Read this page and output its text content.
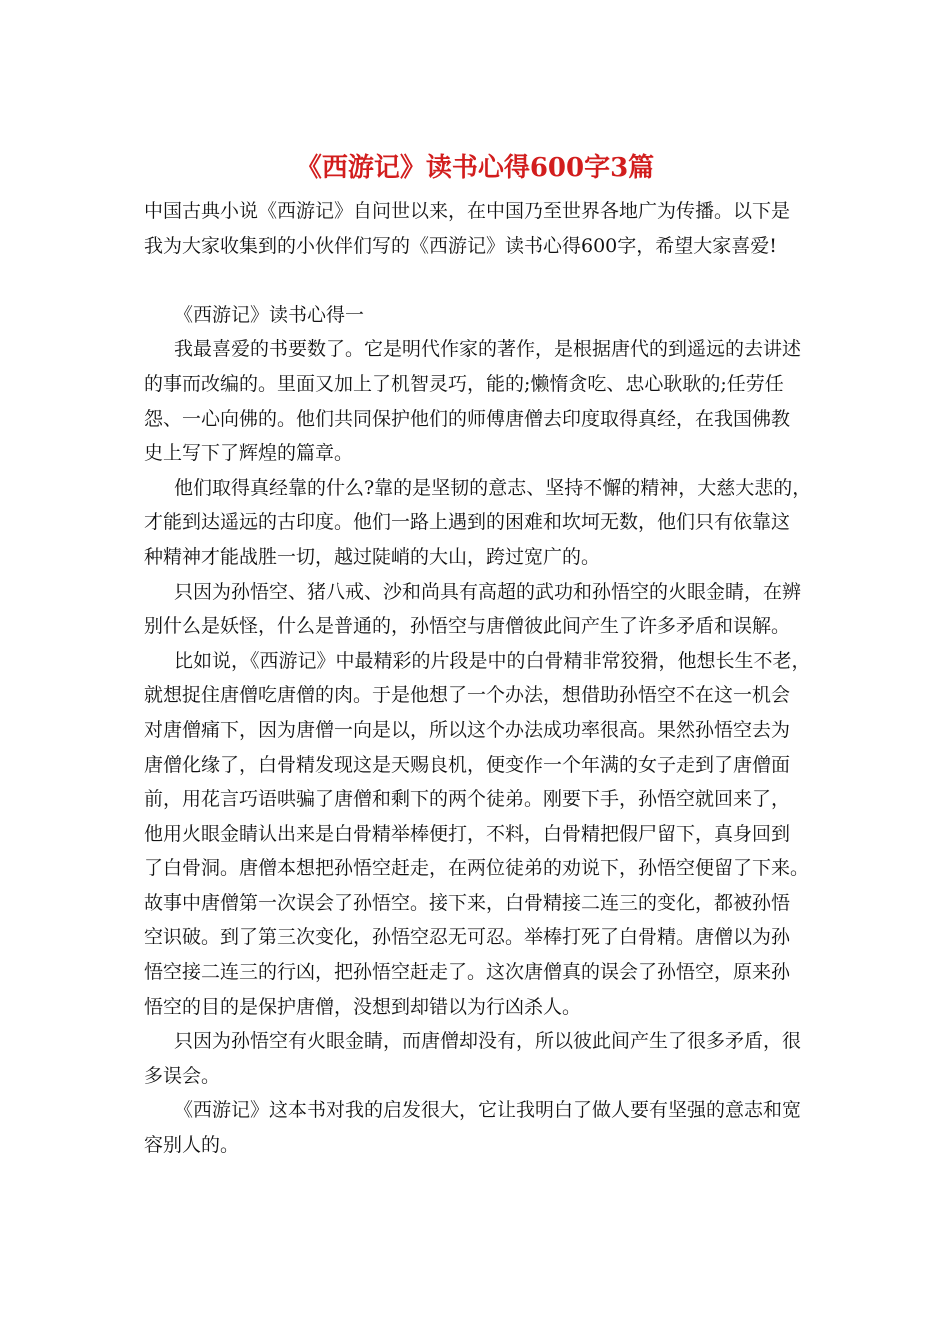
《西游记》读书心得600字3篇
中国古典小说《西游记》自问世以来，在中国乃至世界各地广为传播。以下是
我为大家收集到的小伙伴们写的《西游记》读书心得600字，希望大家喜爱!
《西游记》读书心得一
我最喜爱的书要数了。它是明代作家的著作，是根据唐代的到遥远的去讲述
的事而改编的。里面又加上了机智灵巧，能的;懒惰贪吃、忠心耿耿的;任劳任
怨、一心向佛的。他们共同保护他们的师傅唐僧去印度取得真经，在我国佛教
史上写下了辉煌的篇章。
他们取得真经靠的什么?靠的是坚韧的意志、坚持不懈的精神，大慈大悲的，
才能到达遥远的古印度。他们一路上遇到的困难和坎坷无数，他们只有依靠这
种精神才能战胜一切，越过陡峭的大山，跨过宽广的。
只因为孙悟空、猪八戒、沙和尚具有高超的武功和孙悟空的火眼金睛，在辨
别什么是妖怪，什么是普通的，孙悟空与唐僧彼此间产生了许多矛盾和误解。
比如说，《西游记》中最精彩的片段是中的白骨精非常狡猾，他想长生不老，
就想捉住唐僧吃唐僧的肉。于是他想了一个办法，想借助孙悟空不在这一机会
对唐僧痛下，因为唐僧一向是以，所以这个办法成功率很高。果然孙悟空去为
唐僧化缘了，白骨精发现这是天赐良机，便变作一个年满的女子走到了唐僧面
前，用花言巧语哄骗了唐僧和剩下的两个徒弟。刚要下手，孙悟空就回来了，
他用火眼金睛认出来是白骨精举棒便打，不料，白骨精把假尸留下，真身回到
了白骨洞。唐僧本想把孙悟空赶走，在两位徒弟的劝说下，孙悟空便留了下来。
故事中唐僧第一次误会了孙悟空。接下来，白骨精接二连三的变化，都被孙悟
空识破。到了第三次变化，孙悟空忍无可忍。举棒打死了白骨精。唐僧以为孙
悟空接二连三的行凶，把孙悟空赶走了。这次唐僧真的误会了孙悟空，原来孙
悟空的目的是保护唐僧，没想到却错以为行凶杀人。
只因为孙悟空有火眼金睛，而唐僧却没有，所以彼此间产生了很多矛盾，很
多误会。
《西游记》这本书对我的启发很大，它让我明白了做人要有坚强的意志和宽
容别人的。
